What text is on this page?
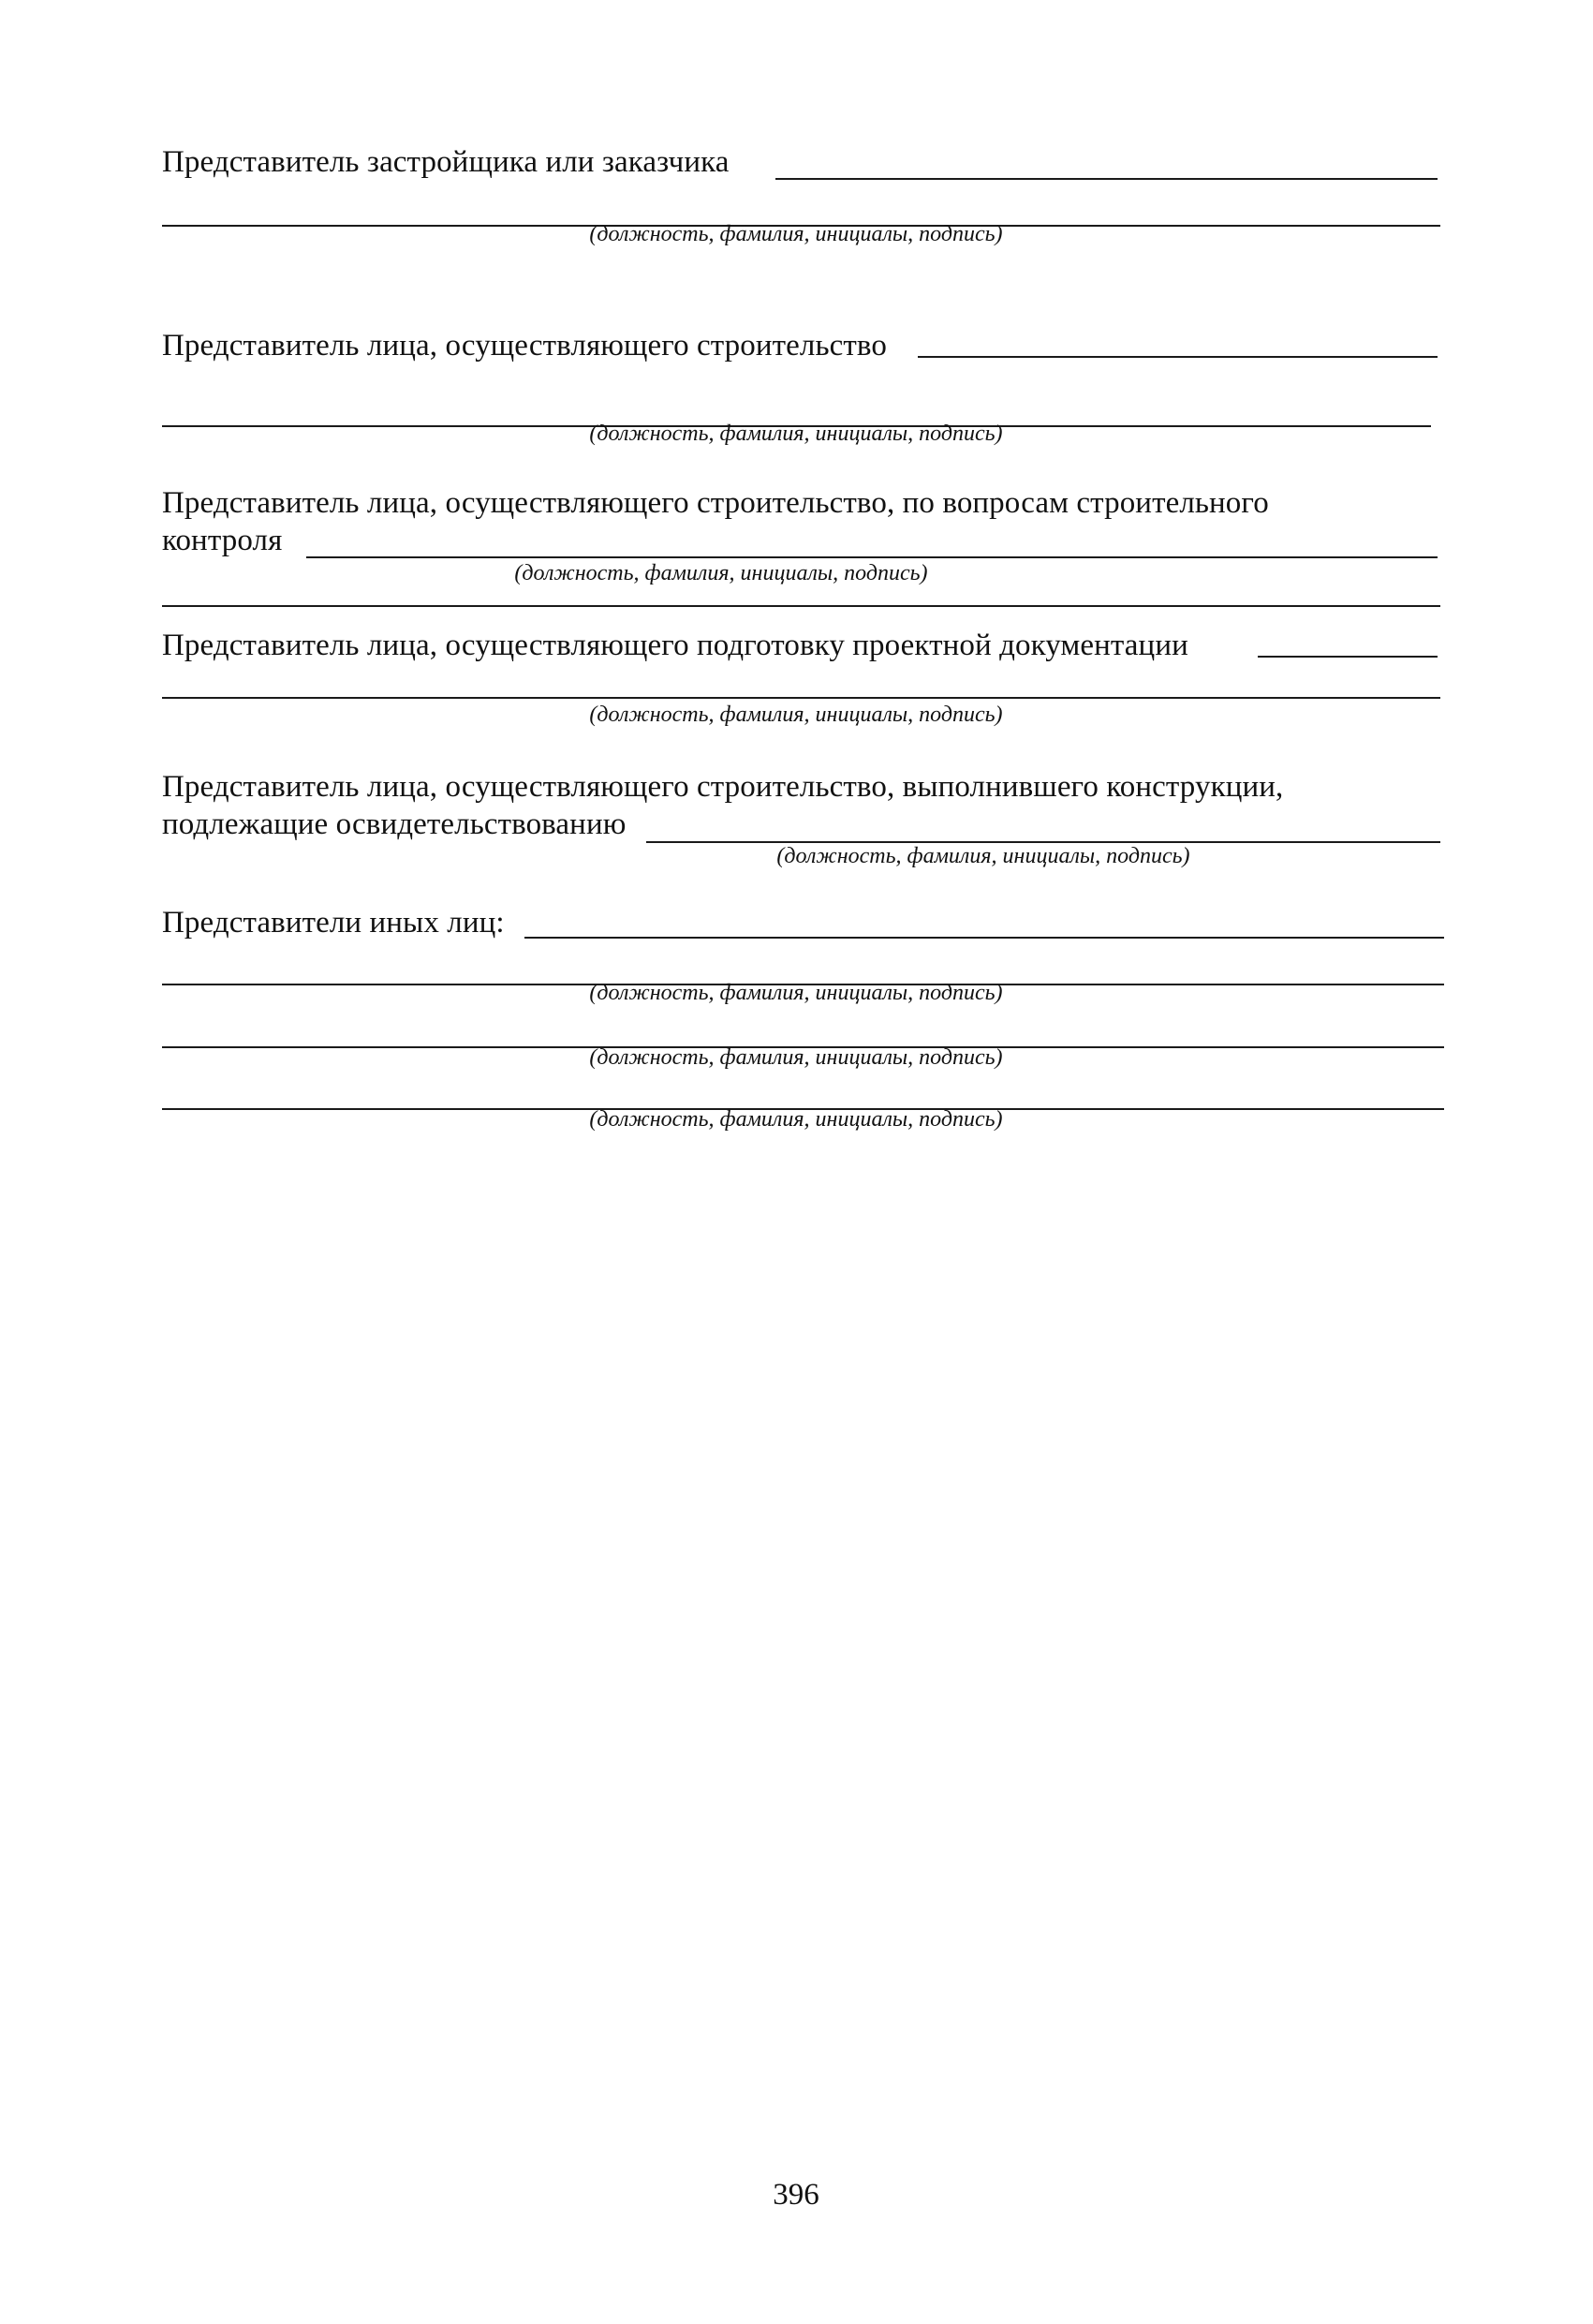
Представитель застройщика или заказчика
(должность, фамилия, инициалы, подпись)
Представитель лица, осуществляющего строительство
(должность, фамилия, инициалы, подпись)
Представитель лица, осуществляющего строительство, по вопросам строительного
контроля
(должность, фамилия, инициалы, подпись)
Представитель лица, осуществляющего подготовку проектной документации
(должность, фамилия, инициалы, подпись)
Представитель лица, осуществляющего строительство, выполнившего конструкции,
подлежащие освидетельствованию
(должность, фамилия, инициалы, подпись)
Представители иных лиц:
(должность, фамилия, инициалы, подпись)
(должность, фамилия, инициалы, подпись)
(должность, фамилия, инициалы, подпись)
396
